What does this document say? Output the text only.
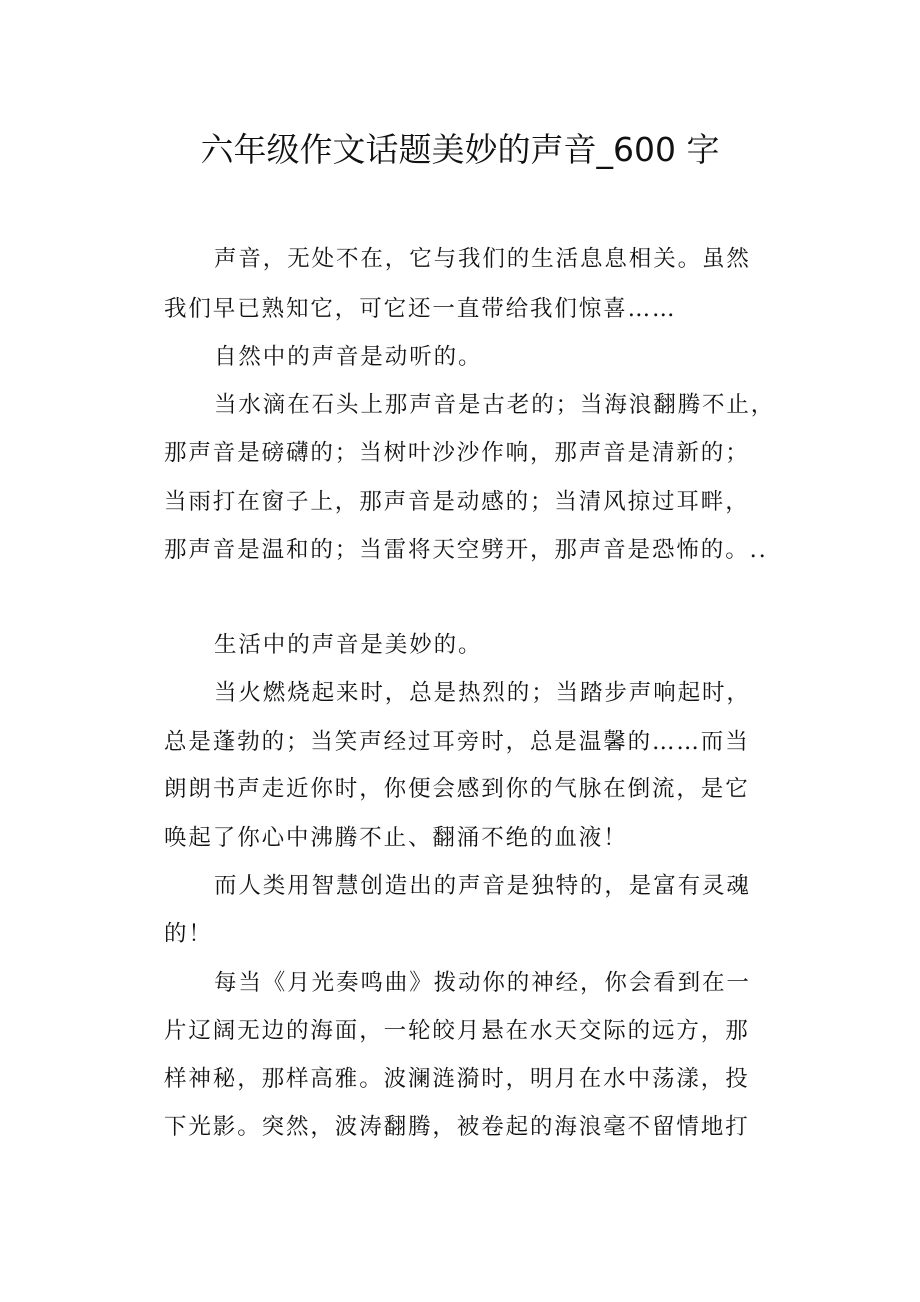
六年级作文话题美妙的声音_600 字

声音，无处不在，它与我们的生活息息相关。虽然

我们早已熟知它，可它还一直带给我们惊喜……

自然中的声音是动听的。

当水滴在石头上那声音是古老的；当海浪翻腾不止，

那声音是磅礴的；当树叶沙沙作响，那声音是清新的；

当雨打在窗子上，那声音是动感的；当清风掠过耳畔，

那声音是温和的；当雷将天空劈开，那声音是恐怖的。..

生活中的声音是美妙的。

当火燃烧起来时，总是热烈的；当踏步声响起时，

总是蓬勃的；当笑声经过耳旁时，总是温馨的……而当

朗朗书声走近你时，你便会感到你的气脉在倒流，是它

唤起了你心中沸腾不止、翻涌不绝的血液！

而人类用智慧创造出的声音是独特的，是富有灵魂

的！

每当《月光奏鸣曲》拨动你的神经，你会看到在一

片辽阔无边的海面，一轮皎月悬在水天交际的远方，那

样神秘，那样高雅。波澜涟漪时，明月在水中荡漾，投

下光影。突然，波涛翻腾，被卷起的海浪毫不留情地打
